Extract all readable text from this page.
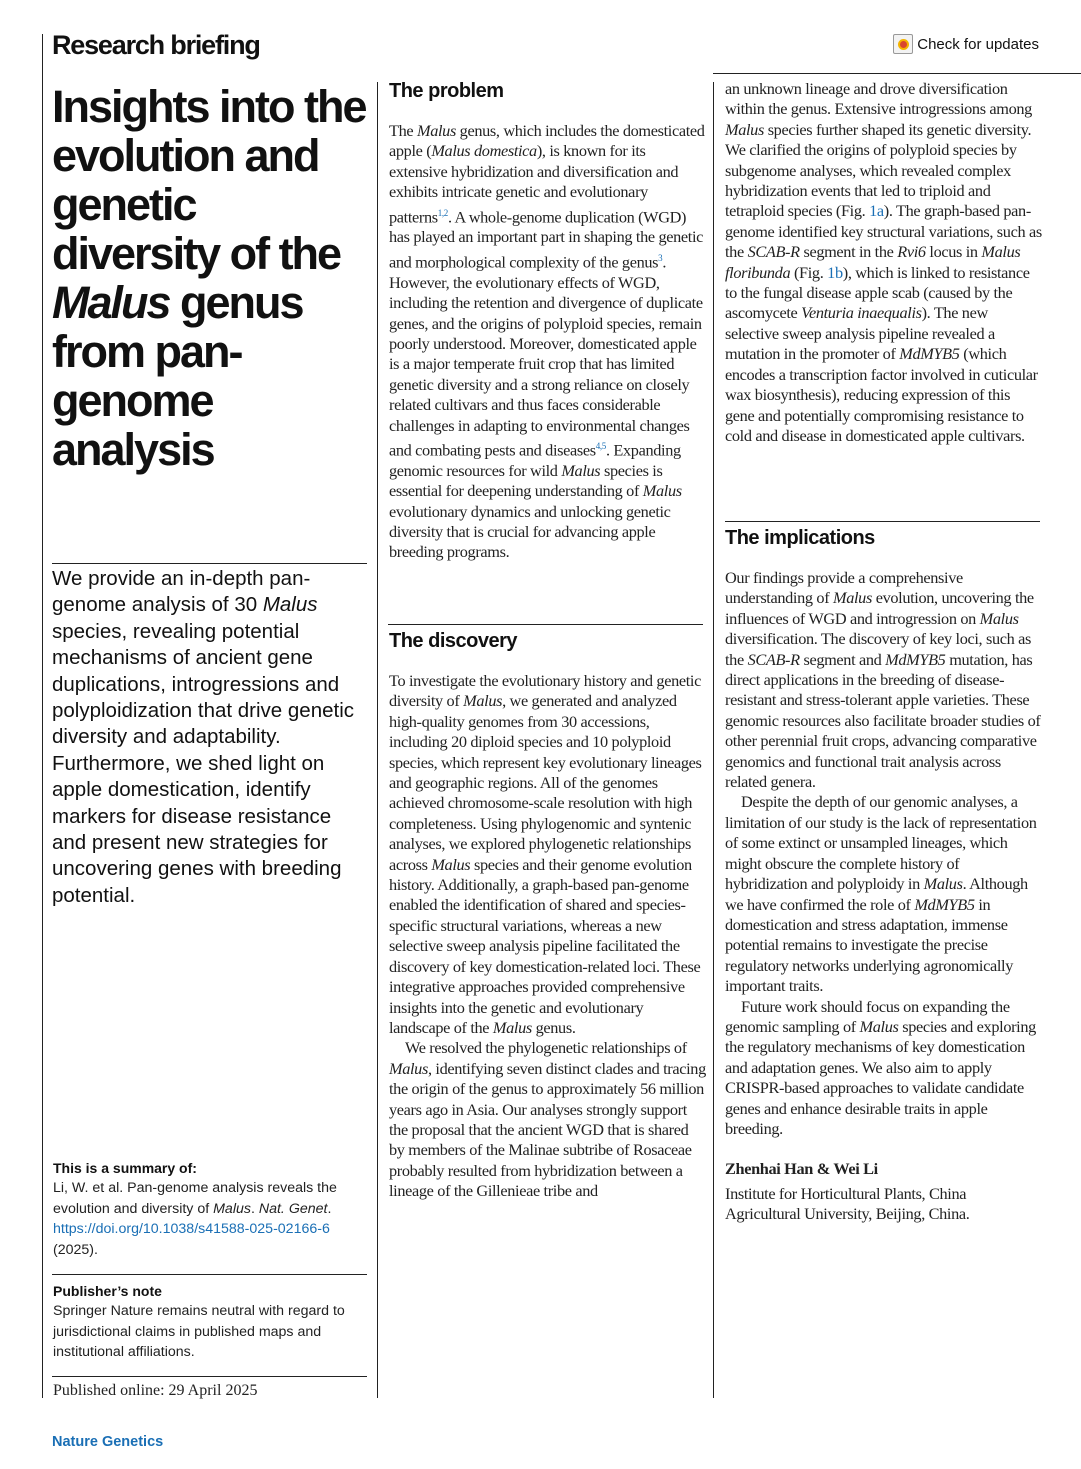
Research briefing	Check for updates
Insights into the evolution and genetic diversity of the Malus genus from pan-genome analysis

We provide an in-depth pan-genome analysis of 30 Malus species, revealing potential mechanisms of ancient gene duplications, introgressions and polyploidization that drive genetic diversity and adaptability. Furthermore, we shed light on apple domestication, identify markers for disease resistance and present new strategies for uncovering genes with breeding potential.

This is a summary of:
Li, W. et al. Pan-genome analysis reveals the evolution and diversity of Malus. Nat. Genet.
https://doi.org/10.1038/s41588-025-02166-6
(2025).
Publisher’s note
Springer Nature remains neutral with regard to jurisdictional claims in published maps and institutional affiliations.
Published online: 29 April 2025
Nature Genetics
The problem

The Malus genus, which includes the domesticated apple (Malus domestica), is known for its extensive hybridization and diversification and exhibits intricate genetic and evolutionary patterns$^{1,2}$. A whole-genome duplication (WGD) has played an important part in shaping the genetic and morphological complexity of the genus$^3$. However, the evolutionary effects of WGD, including the retention and divergence of duplicate genes, and the origins of polyploid species, remain poorly understood. Moreover, domesticated apple is a major temperate fruit crop that has limited genetic diversity and a strong reliance on closely related cultivars and thus faces considerable challenges in adapting to environmental changes and combating pests and diseases$^{4,5}$. Expanding genomic resources for wild Malus species is essential for deepening understanding of Malus evolutionary dynamics and unlocking genetic diversity that is crucial for advancing apple breeding programs.

The discovery

To investigate the evolutionary history and genetic diversity of Malus, we generated and analyzed high-quality genomes from 30 accessions, including 20 diploid species and 10 polyploid species, which represent key evolutionary lineages and geographic regions. All of the genomes achieved chromosome-scale resolution with high completeness. Using phylogenomic and syntenic analyses, we explored phylogenetic relationships across Malus species and their genome evolution history. Additionally, a graph-based pan-genome enabled the identification of shared and species-specific structural variations, whereas a new selective sweep analysis pipeline facilitated the discovery of key domestication-related loci. These integrative approaches provided comprehensive insights into the genetic and evolutionary landscape of the Malus genus.

We resolved the phylogenetic relationships of Malus, identifying seven distinct clades and tracing the origin of the genus to approximately 56 million years ago in Asia. Our analyses strongly support the proposal that the ancient WGD that is shared by members of the Malinae subtribe of Rosaceae probably resulted from hybridization between a lineage of the Gillenieae tribe and

an unknown lineage and drove diversification within the genus. Extensive introgressions among Malus species further shaped its genetic diversity. We clarified the origins of polyploid species by subgenome analyses, which revealed complex hybridization events that led to triploid and tetraploid species (Fig. 1a). The graph-based pan-genome identified key structural variations, such as the SCAB-R segment in the Rvi6 locus in Malus floribunda (Fig. 1b), which is linked to resistance to the fungal disease apple scab (caused by the ascomycete Venturia inaequalis). The new selective sweep analysis pipeline revealed a mutation in the promoter of MdMYB5 (which encodes a transcription factor involved in cuticular wax biosynthesis), reducing expression of this gene and potentially compromising resistance to cold and disease in domesticated apple cultivars.

The implications

Our findings provide a comprehensive understanding of Malus evolution, uncovering the influences of WGD and introgression on Malus diversification. The discovery of key loci, such as the SCAB-R segment and MdMYB5 mutation, has direct applications in the breeding of disease-resistant and stress-tolerant apple varieties. These genomic resources also facilitate broader studies of other perennial fruit crops, advancing comparative genomics and functional trait analysis across related genera.

Despite the depth of our genomic analyses, a limitation of our study is the lack of representation of some extinct or unsampled lineages, which might obscure the complete history of hybridization and polyploidy in Malus. Although we have confirmed the role of MdMYB5 in domestication and stress adaptation, immense potential remains to investigate the precise regulatory networks underlying agronomically important traits.

Future work should focus on expanding the genomic sampling of Malus species and exploring the regulatory mechanisms of key domestication and adaptation genes. We also aim to apply CRISPR-based approaches to validate candidate genes and enhance desirable traits in apple breeding.

Zhenhai Han & Wei Li

Institute for Horticultural Plants, China Agricultural University, Beijing, China.
